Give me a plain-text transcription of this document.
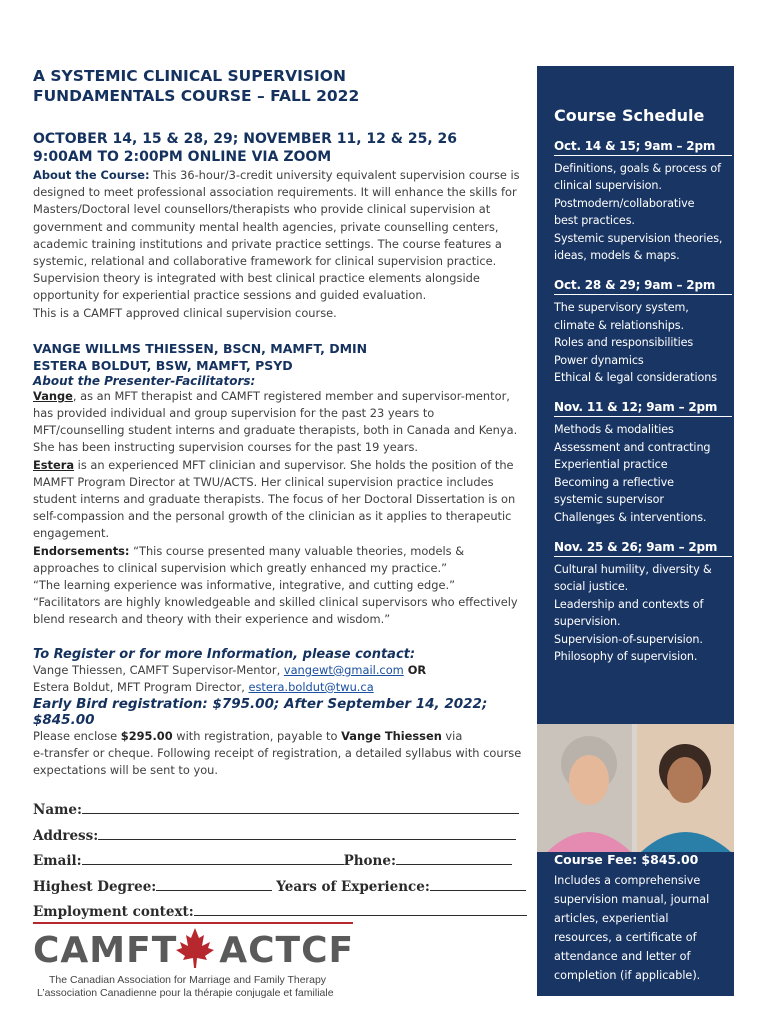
A SYSTEMIC CLINICAL SUPERVISION
FUNDAMENTALS COURSE – FALL 2022
OCTOBER 14, 15 & 28, 29; NOVEMBER 11, 12 & 25, 26
9:00AM TO 2:00PM ONLINE VIA ZOOM

About the Course: This 36-hour/3-credit university equivalent supervision course is designed to meet professional association requirements. It will enhance the skills for Masters/Doctoral level counsellors/therapists who provide clinical supervision at government and community mental health agencies, private counselling centers, academic training institutions and private practice settings. The course features a systemic, relational and collaborative framework for clinical supervision practice. Supervision theory is integrated with best clinical practice elements alongside opportunity for experiential practice sessions and guided evaluation.

This is a CAMFT approved clinical supervision course.

VANGE WILLMS THIESSEN, BSCN, MAMFT, DMIN
ESTERA BOLDUT, BSW, MAMFT, PSYD
About the Presenter-Facilitators:

Vange, as an MFT therapist and CAMFT registered member and supervisor-mentor, has provided individual and group supervision for the past 23 years to MFT/counselling student interns and graduate therapists, both in Canada and Kenya. She has been instructing supervision courses for the past 19 years.

Estera is an experienced MFT clinician and supervisor. She holds the position of the MAMFT Program Director at TWU/ACTS. Her clinical supervision practice includes student interns and graduate therapists. The focus of her Doctoral Dissertation is on self-compassion and the personal growth of the clinician as it applies to therapeutic engagement.

Endorsements: “This course presented many valuable theories, models & approaches to clinical supervision which greatly enhanced my practice.”

“The learning experience was informative, integrative, and cutting edge.”

“Facilitators are highly knowledgeable and skilled clinical supervisors who effectively blend research and theory with their experience and wisdom.”

To Register or for more Information, please contact:

Vange Thiessen, CAMFT Supervisor-Mentor, vangewt@gmail.com OR

Estera Boldut, MFT Program Director, estera.boldut@twu.ca

Early Bird registration: $795.00; After September 14, 2022; $845.00

Please enclose $295.00 with registration, payable to Vange Thiessen via

e-transfer or cheque. Following receipt of registration, a detailed syllabus with course expectations will be sent to you.

Name:
Address:
Email:	Phone:
Highest Degree:	Years of Experience:
Employment context:
CAMFT ACTCF
The Canadian Association for Marriage and Family Therapy
L’association Canadienne pour la thérapie conjugale et familiale
Course Schedule
Oct. 14 & 15; 9am – 2pm
Definitions, goals & process of
clinical supervision.
Postmodern/collaborative
best practices.
Systemic supervision theories,
ideas, models & maps.
Oct. 28 & 29; 9am – 2pm
The supervisory system,
climate & relationships.
Roles and responsibilities
Power dynamics
Ethical & legal considerations
Nov. 11 & 12; 9am – 2pm
Methods & modalities
Assessment and contracting
Experiential practice
Becoming a reflective
systemic supervisor
Challenges & interventions.
Nov. 25 & 26; 9am – 2pm
Cultural humility, diversity &
social justice.
Leadership and contexts of
supervision.
Supervision-of-supervision.
Philosophy of supervision.
Course Fee: $845.00
Includes a comprehensive
supervision manual, journal
articles, experiential
resources, a certificate of
attendance and letter of
completion (if applicable).
